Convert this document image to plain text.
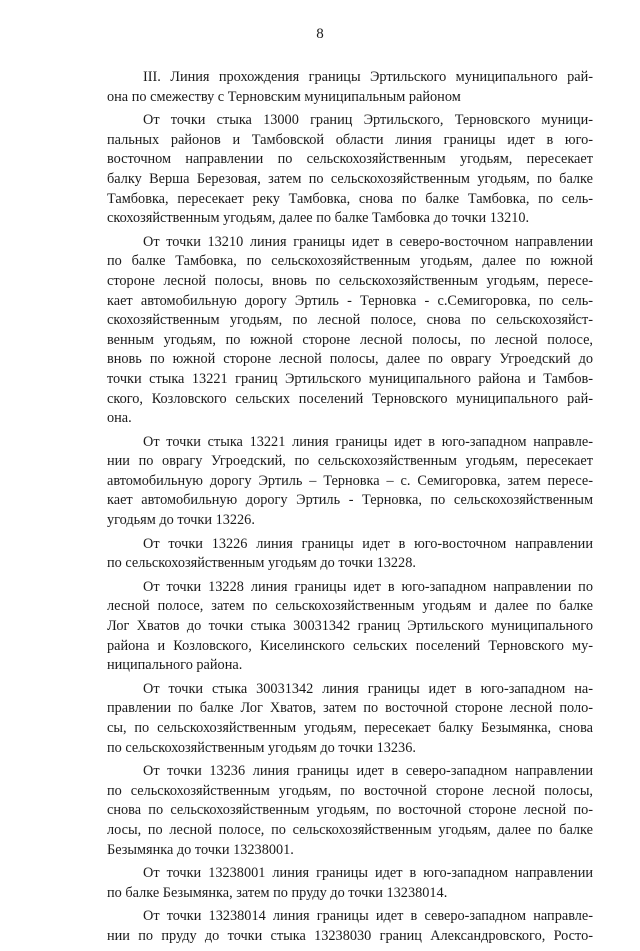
8
III. Линия прохождения границы Эртильского муниципального рай-
она по смежеству с Терновским муниципальным районом
От точки стыка 13000 границ Эртильского, Терновского муници-
пальных районов и Тамбовской области линия границы идет в юго-
восточном направлении по сельскохозяйственным угодьям, пересекает
балку Верша Березовая, затем по сельскохозяйственным угодьям, по балке
Тамбовка, пересекает реку Тамбовка, снова по балке Тамбовка, по сель-
скохозяйственным угодьям, далее по балке Тамбовка до точки 13210.
От точки 13210 линия границы идет в северо-восточном направлении
по балке Тамбовка, по сельскохозяйственным угодьям, далее по южной
стороне лесной полосы, вновь по сельскохозяйственным угодьям, пересе-
кает автомобильную дорогу Эртиль - Терновка - с.Семигоровка, по сель-
скохозяйственным угодьям, по лесной полосе, снова по сельскохозяйст-
венным угодьям, по южной стороне лесной полосы, по лесной полосе,
вновь по южной стороне лесной полосы, далее по оврагу Угроедский до
точки стыка 13221 границ Эртильского муниципального района и Тамбов-
ского, Козловского сельских поселений Терновского муниципального рай-
она.
От точки стыка 13221 линия границы идет в юго-западном направле-
нии по оврагу Угроедский, по сельскохозяйственным угодьям, пересекает
автомобильную дорогу Эртиль – Терновка – с. Семигоровка, затем пересе-
кает автомобильную дорогу Эртиль - Терновка, по сельскохозяйственным
угодьям до точки 13226.
От точки 13226 линия границы идет в юго-восточном направлении
по сельскохозяйственным угодьям до точки 13228.
От точки 13228 линия границы идет в юго-западном направлении по
лесной полосе, затем по сельскохозяйственным угодьям и далее по балке
Лог Хватов до точки стыка 30031342 границ Эртильского муниципального
района и Козловского, Киселинского сельских поселений Терновского му-
ниципального района.
От точки стыка 30031342 линия границы идет в юго-западном на-
правлении по балке Лог Хватов, затем по восточной стороне лесной поло-
сы, по сельскохозяйственным угодьям, пересекает балку Безымянка, снова
по сельскохозяйственным угодьям до точки 13236.
От точки 13236 линия границы идет в северо-западном направлении
по сельскохозяйственным угодьям, по восточной стороне лесной полосы,
снова по сельскохозяйственным угодьям, по восточной стороне лесной по-
лосы, по лесной полосе, по сельскохозяйственным угодьям, далее по балке
Безымянка до точки 13238001.
От точки 13238001 линия границы идет в юго-западном направлении
по балке Безымянка, затем по пруду до точки 13238014.
От точки 13238014 линия границы идет в северо-западном направле-
нии по пруду до точки стыка 13238030 границ Александровского, Росто-
